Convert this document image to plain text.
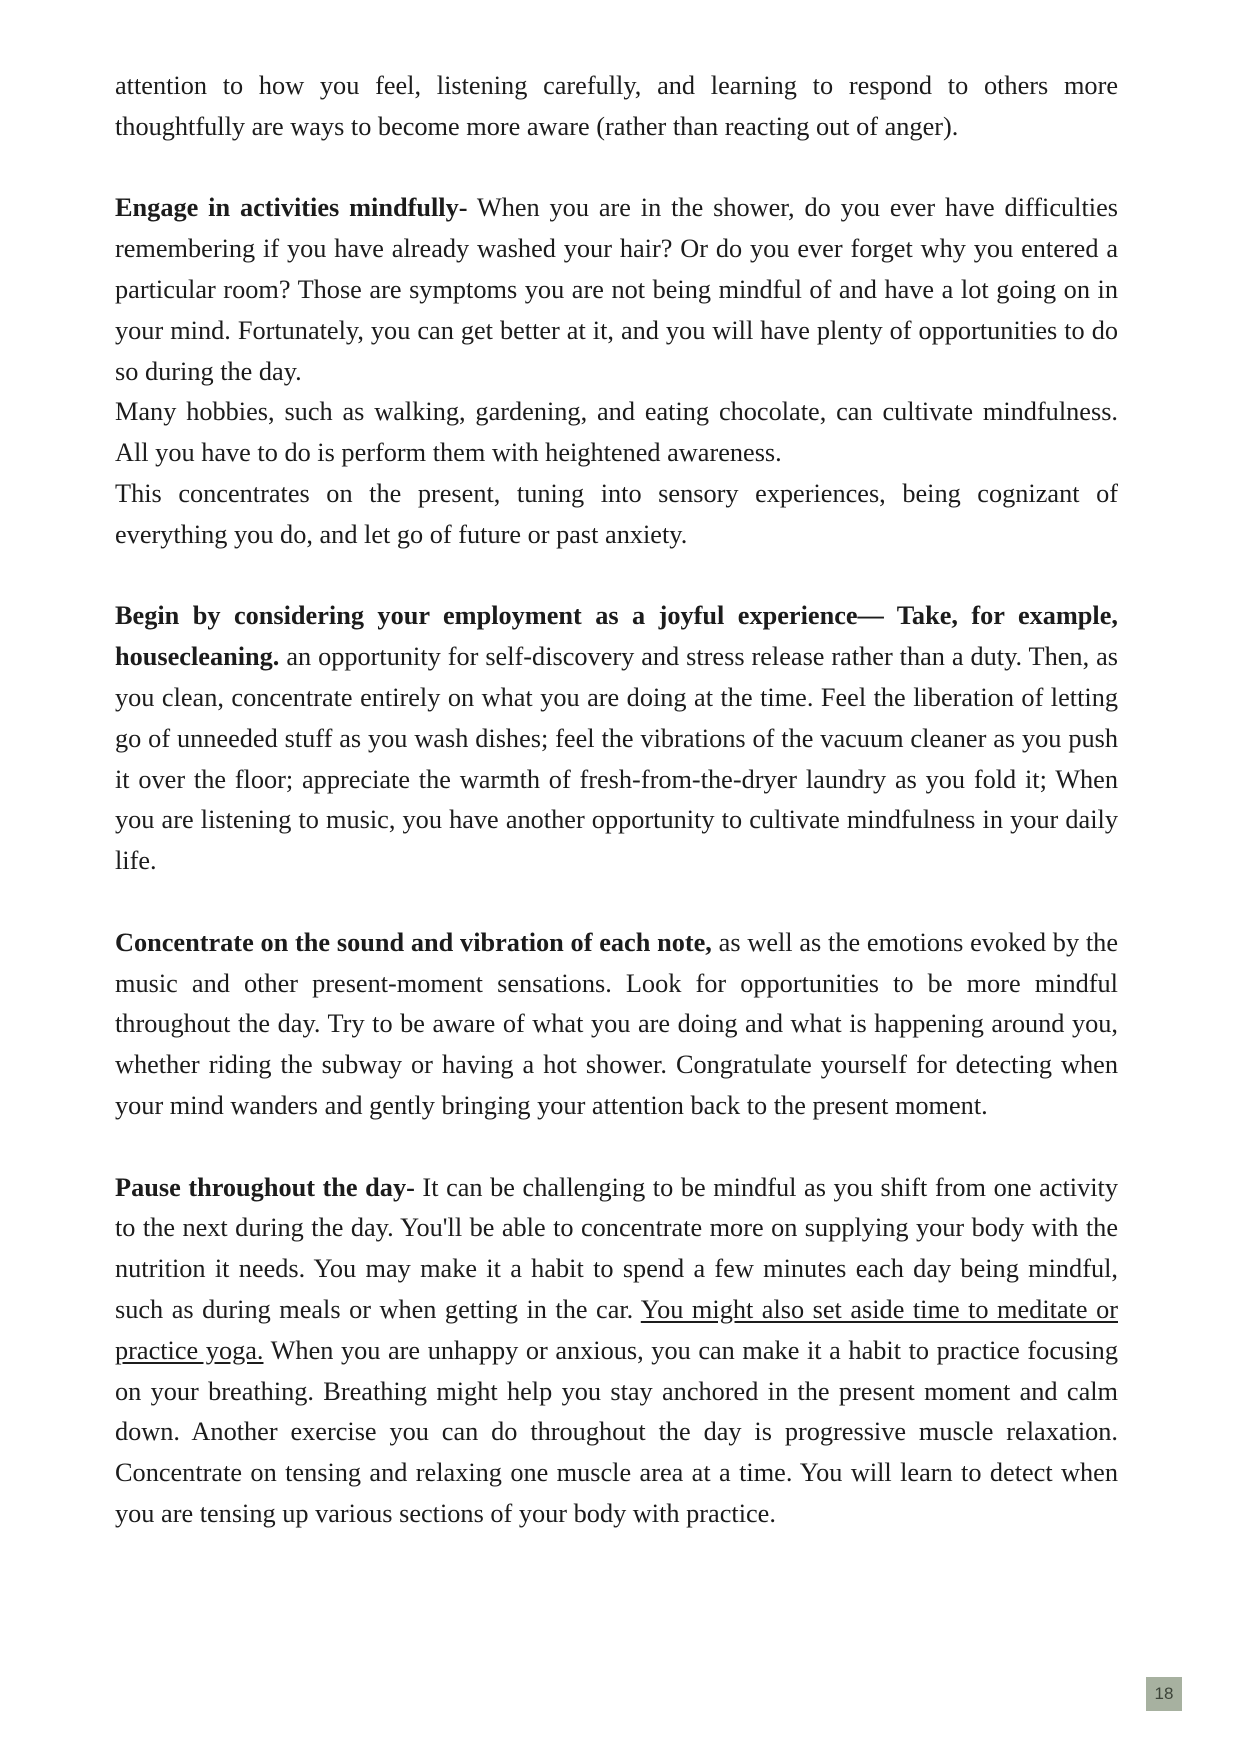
attention to how you feel, listening carefully, and learning to respond to others more thoughtfully are ways to become more aware (rather than reacting out of anger).

Engage in activities mindfully- When you are in the shower, do you ever have difficulties remembering if you have already washed your hair? Or do you ever forget why you entered a particular room? Those are symptoms you are not being mindful of and have a lot going on in your mind. Fortunately, you can get better at it, and you will have plenty of opportunities to do so during the day.

Many hobbies, such as walking, gardening, and eating chocolate, can cultivate mindfulness. All you have to do is perform them with heightened awareness.

This concentrates on the present, tuning into sensory experiences, being cognizant of everything you do, and let go of future or past anxiety.

Begin by considering your employment as a joyful experience— Take, for example, housecleaning. an opportunity for self-discovery and stress release rather than a duty. Then, as you clean, concentrate entirely on what you are doing at the time. Feel the liberation of letting go of unneeded stuff as you wash dishes; feel the vibrations of the vacuum cleaner as you push it over the floor; appreciate the warmth of fresh-from-the-dryer laundry as you fold it; When you are listening to music, you have another opportunity to cultivate mindfulness in your daily life.

Concentrate on the sound and vibration of each note, as well as the emotions evoked by the music and other present-moment sensations. Look for opportunities to be more mindful throughout the day. Try to be aware of what you are doing and what is happening around you, whether riding the subway or having a hot shower. Congratulate yourself for detecting when your mind wanders and gently bringing your attention back to the present moment.

Pause throughout the day- It can be challenging to be mindful as you shift from one activity to the next during the day. You'll be able to concentrate more on supplying your body with the nutrition it needs. You may make it a habit to spend a few minutes each day being mindful, such as during meals or when getting in the car. You might also set aside time to meditate or practice yoga. When you are unhappy or anxious, you can make it a habit to practice focusing on your breathing. Breathing might help you stay anchored in the present moment and calm down. Another exercise you can do throughout the day is progressive muscle relaxation. Concentrate on tensing and relaxing one muscle area at a time. You will learn to detect when you are tensing up various sections of your body with practice.

18
